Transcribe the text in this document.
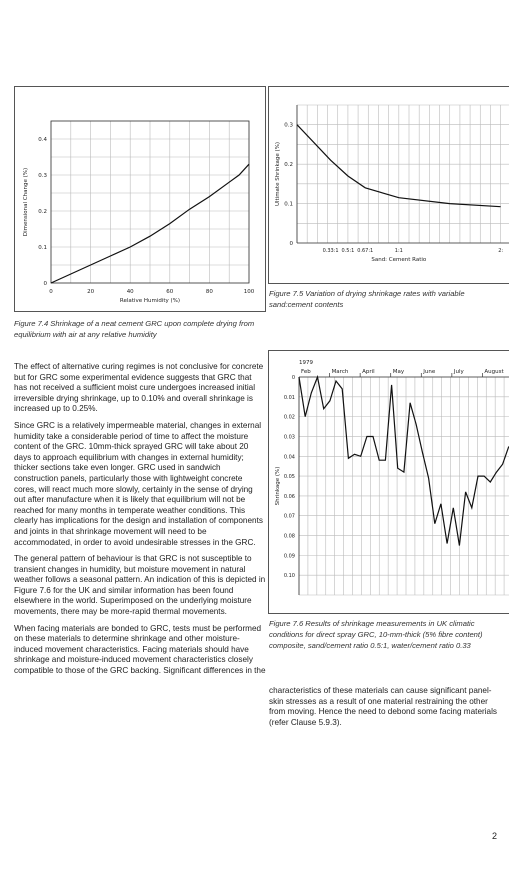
0	20	40	60	80	100
0
0.1
0.2
0.3
0.4
Relative Humidity (%)
Dimensional Change (%)
Figure 7.4 Shrinkage of a neat cement GRC upon complete drying from equilibrium with air at any relative humidity
0.33:1 0.5:1 0.67:1	1:1	2:
0
0.1
0.2
0.3
Sand: Cement Ratio
Ultimate Shrinkage (%)
Figure 7.5 Variation of drying shrinkage rates with variable sand:cement contents
1979
Feb	March	April	May	June	July	August
0
0.01
0.02
0.03
0.04
0.05
0.06
0.07
0.08
0.09
0.10
Shrinkage (%)
Figure 7.6 Results of shrinkage measurements in UK climatic conditions for direct spray GRC, 10-mm-thick (5% fibre content) composite, sand/cement ratio 0.5:1, water/cement ratio 0.33

The effect of alternative curing regimes is not conclusive for concrete but for GRC some experimental evidence suggests that GRC that has not received a sufficient moist cure undergoes increased initial irreversible drying shrinkage, up to 0.10% and overall shrinkage is increased up to 0.25%.

Since GRC is a relatively impermeable material, changes in external humidity take a considerable period of time to affect the moisture content of the GRC. 10mm-thick sprayed GRC will take about 20 days to approach equilibrium with changes in external humidity; thicker sections take even longer. GRC used in sandwich construction panels, particularly those with lightweight concrete cores, will react much more slowly, certainly in the sense of drying out after manufacture when it is likely that equilibrium will not be reached for many months in temperate weather conditions. This clearly has implications for the design and installation of components and joints in that shrinkage movement will need to be accommodated, in order to avoid undesirable stresses in the GRC.

The general pattern of behaviour is that GRC is not susceptible to transient changes in humidity, but moisture movement in natural weather follows a seasonal pattern. An indication of this is depicted in Figure 7.6 for the UK and similar information has been found elsewhere in the world. Superimposed on the underlying moisture movements, there may be more-rapid thermal movements.

When facing materials are bonded to GRC, tests must be performed on these materials to determine shrinkage and other moisture-induced movement characteristics. Facing materials should have shrinkage and moisture-induced movement characteristics closely compatible to those of the GRC backing. Significant differences in the

characteristics of these materials can cause significant panel-skin stresses as a result of one material restraining the other from moving. Hence the need to debond some facing materials (refer Clause 5.9.3).

2
